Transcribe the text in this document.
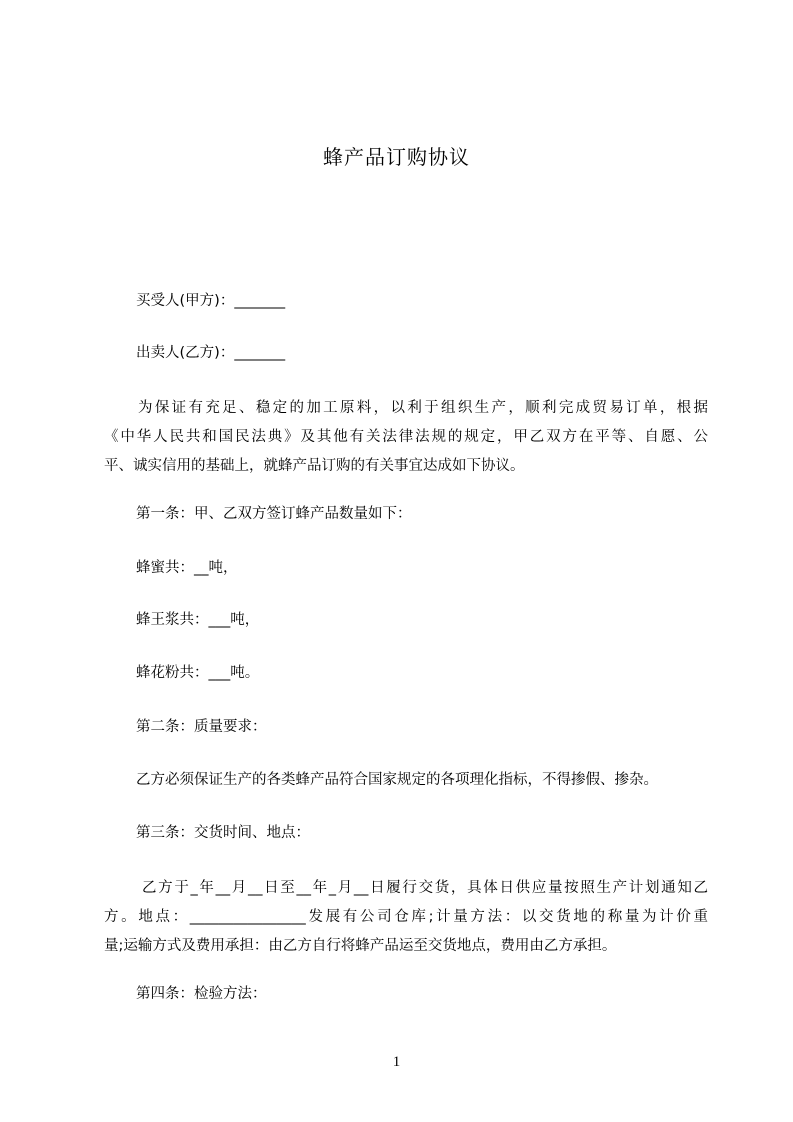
蜂产品订购协议
买受人(甲方)：_______
出卖人(乙方)：_______
为保证有充足、稳定的加工原料，以利于组织生产，顺利完成贸易订单，根据
《中华人民共和国民法典》及其他有关法律法规的规定，甲乙双方在平等、自愿、公
平、诚实信用的基础上，就蜂产品订购的有关事宜达成如下协议。
第一条：甲、乙双方签订蜂产品数量如下：
蜂蜜共：__吨，
蜂王浆共：___吨，
蜂花粉共：___吨。
第二条：质量要求：
乙方必须保证生产的各类蜂产品符合国家规定的各项理化指标，不得掺假、掺杂。
第三条：交货时间、地点：
乙方于_年__月__日至__年_月__日履行交货，具体日供应量按照生产计划通知乙
方。地点：________________发展有公司仓库;计量方法：以交货地的称量为计价重
量;运输方式及费用承担：由乙方自行将蜂产品运至交货地点，费用由乙方承担。
第四条：检验方法：
1
